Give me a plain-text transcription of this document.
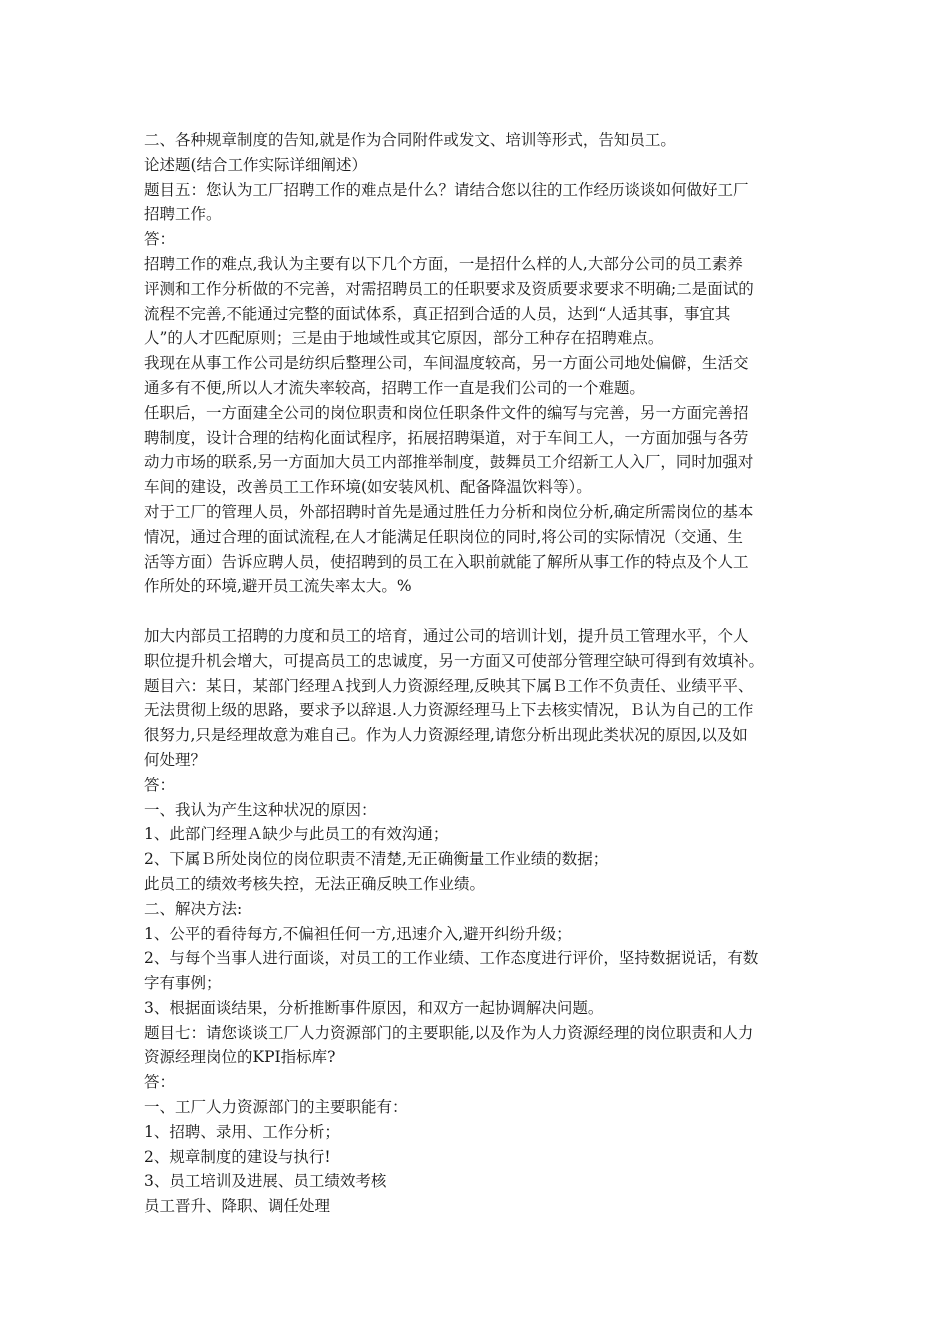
二、各种规章制度的告知,就是作为合同附件或发文、培训等形式，告知员工。
论述题(结合工作实际详细阐述）
题目五：您认为工厂招聘工作的难点是什么？请结合您以往的工作经历谈谈如何做好工厂
招聘工作。
答：
招聘工作的难点,我认为主要有以下几个方面，一是招什么样的人,大部分公司的员工素养
评测和工作分析做的不完善，对需招聘员工的任职要求及资质要求要求不明确;二是面试的
流程不完善,不能通过完整的面试体系，真正招到合适的人员，达到“人适其事，事宜其
人”的人才匹配原则；三是由于地域性或其它原因，部分工种存在招聘难点。
我现在从事工作公司是纺织后整理公司，车间温度较高，另一方面公司地处偏僻，生活交
通多有不便,所以人才流失率较高，招聘工作一直是我们公司的一个难题。
任职后，一方面建全公司的岗位职责和岗位任职条件文件的编写与完善，另一方面完善招
聘制度，设计合理的结构化面试程序，拓展招聘渠道，对于车间工人，一方面加强与各劳
动力市场的联系,另一方面加大员工内部推举制度，鼓舞员工介绍新工人入厂，同时加强对
车间的建设，改善员工工作环境(如安装风机、配备降温饮料等）。
对于工厂的管理人员，外部招聘时首先是通过胜任力分析和岗位分析,确定所需岗位的基本
情况，通过合理的面试流程,在人才能满足任职岗位的同时,将公司的实际情况（交通、生
活等方面）告诉应聘人员，使招聘到的员工在入职前就能了解所从事工作的特点及个人工
作所处的环境,避开员工流失率太大。%
加大内部员工招聘的力度和员工的培育，通过公司的培训计划，提升员工管理水平，个人
职位提升机会增大，可提高员工的忠诚度，另一方面又可使部分管理空缺可得到有效填补。
题目六：某日，某部门经理Ａ找到人力资源经理,反映其下属Ｂ工作不负责任、业绩平平、
无法贯彻上级的思路，要求予以辞退.人力资源经理马上下去核实情况，Ｂ认为自己的工作
很努力,只是经理故意为难自己。作为人力资源经理,请您分析出现此类状况的原因,以及如
何处理？
答：
一、我认为产生这种状况的原因：
1、此部门经理Ａ缺少与此员工的有效沟通；
2、下属Ｂ所处岗位的岗位职责不清楚,无正确衡量工作业绩的数据；
此员工的绩效考核失控，无法正确反映工作业绩。
二、解决方法:
1、公平的看待每方,不偏袒任何一方,迅速介入,避开纠纷升级；
2、与每个当事人进行面谈，对员工的工作业绩、工作态度进行评价，坚持数据说话，有数
字有事例；
3、根据面谈结果，分析推断事件原因，和双方一起协调解决问题。
题目七：请您谈谈工厂人力资源部门的主要职能,以及作为人力资源经理的岗位职责和人力
资源经理岗位的KPI指标库?
答：
一、工厂人力资源部门的主要职能有：
1、招聘、录用、工作分析；
2、规章制度的建设与执行!
3、员工培训及进展、员工绩效考核
员工晋升、降职、调任处理
